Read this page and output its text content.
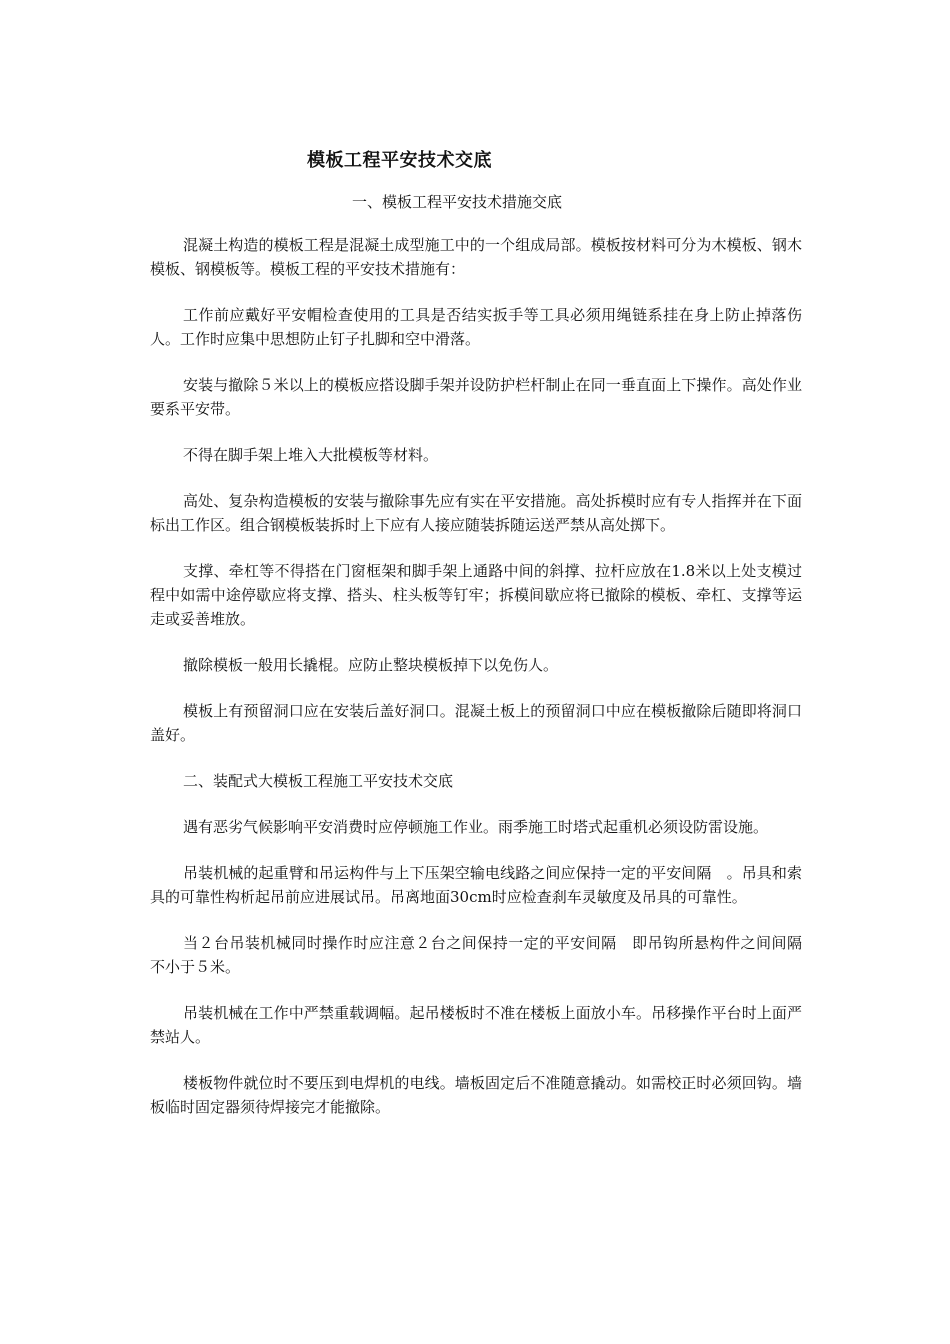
模板工程平安技术交底
一、模板工程平安技术措施交底

混凝土构造的模板工程是混凝土成型施工中的一个组成局部。模板按材料可分为木模板、钢木模板、钢模板等。模板工程的平安技术措施有：

工作前应戴好平安帽检查使用的工具是否结实扳手等工具必须用绳链系挂在身上防止掉落伤人。工作时应集中思想防止钉子扎脚和空中滑落。

安装与撤除５米以上的模板应搭设脚手架并设防护栏杆制止在同一垂直面上下操作。高处作业要系平安带。

不得在脚手架上堆入大批模板等材料。

高处、复杂构造模板的安装与撤除事先应有实在平安措施。高处拆模时应有专人指挥并在下面标出工作区。组合钢模板装拆时上下应有人接应随装拆随运送严禁从高处掷下。

支撑、牵杠等不得搭在门窗框架和脚手架上通路中间的斜撑、拉杆应放在1.8米以上处支模过程中如需中途停歇应将支撑、搭头、柱头板等钉牢；拆模间歇应将已撤除的模板、牵杠、支撑等运走或妥善堆放。

撤除模板一般用长撬棍。应防止整块模板掉下以免伤人。

模板上有预留洞口应在安装后盖好洞口。混凝土板上的预留洞口中应在模板撤除后随即将洞口盖好。

二、装配式大模板工程施工平安技术交底

遇有恶劣气候影响平安消费时应停顿施工作业。雨季施工时塔式起重机必须设防雷设施。

吊装机械的起重臂和吊运构件与上下压架空输电线路之间应保持一定的平安间隔　。吊具和索具的可靠性构析起吊前应进展试吊。吊离地面30cm时应检查刹车灵敏度及吊具的可靠性。

当２台吊装机械同时操作时应注意２台之间保持一定的平安间隔　即吊钩所悬构件之间间隔　不小于５米。

吊装机械在工作中严禁重载调幅。起吊楼板时不准在楼板上面放小车。吊移操作平台时上面严禁站人。

楼板物件就位时不要压到电焊机的电线。墙板固定后不准随意撬动。如需校正时必须回钩。墙板临时固定器须待焊接完才能撤除。
